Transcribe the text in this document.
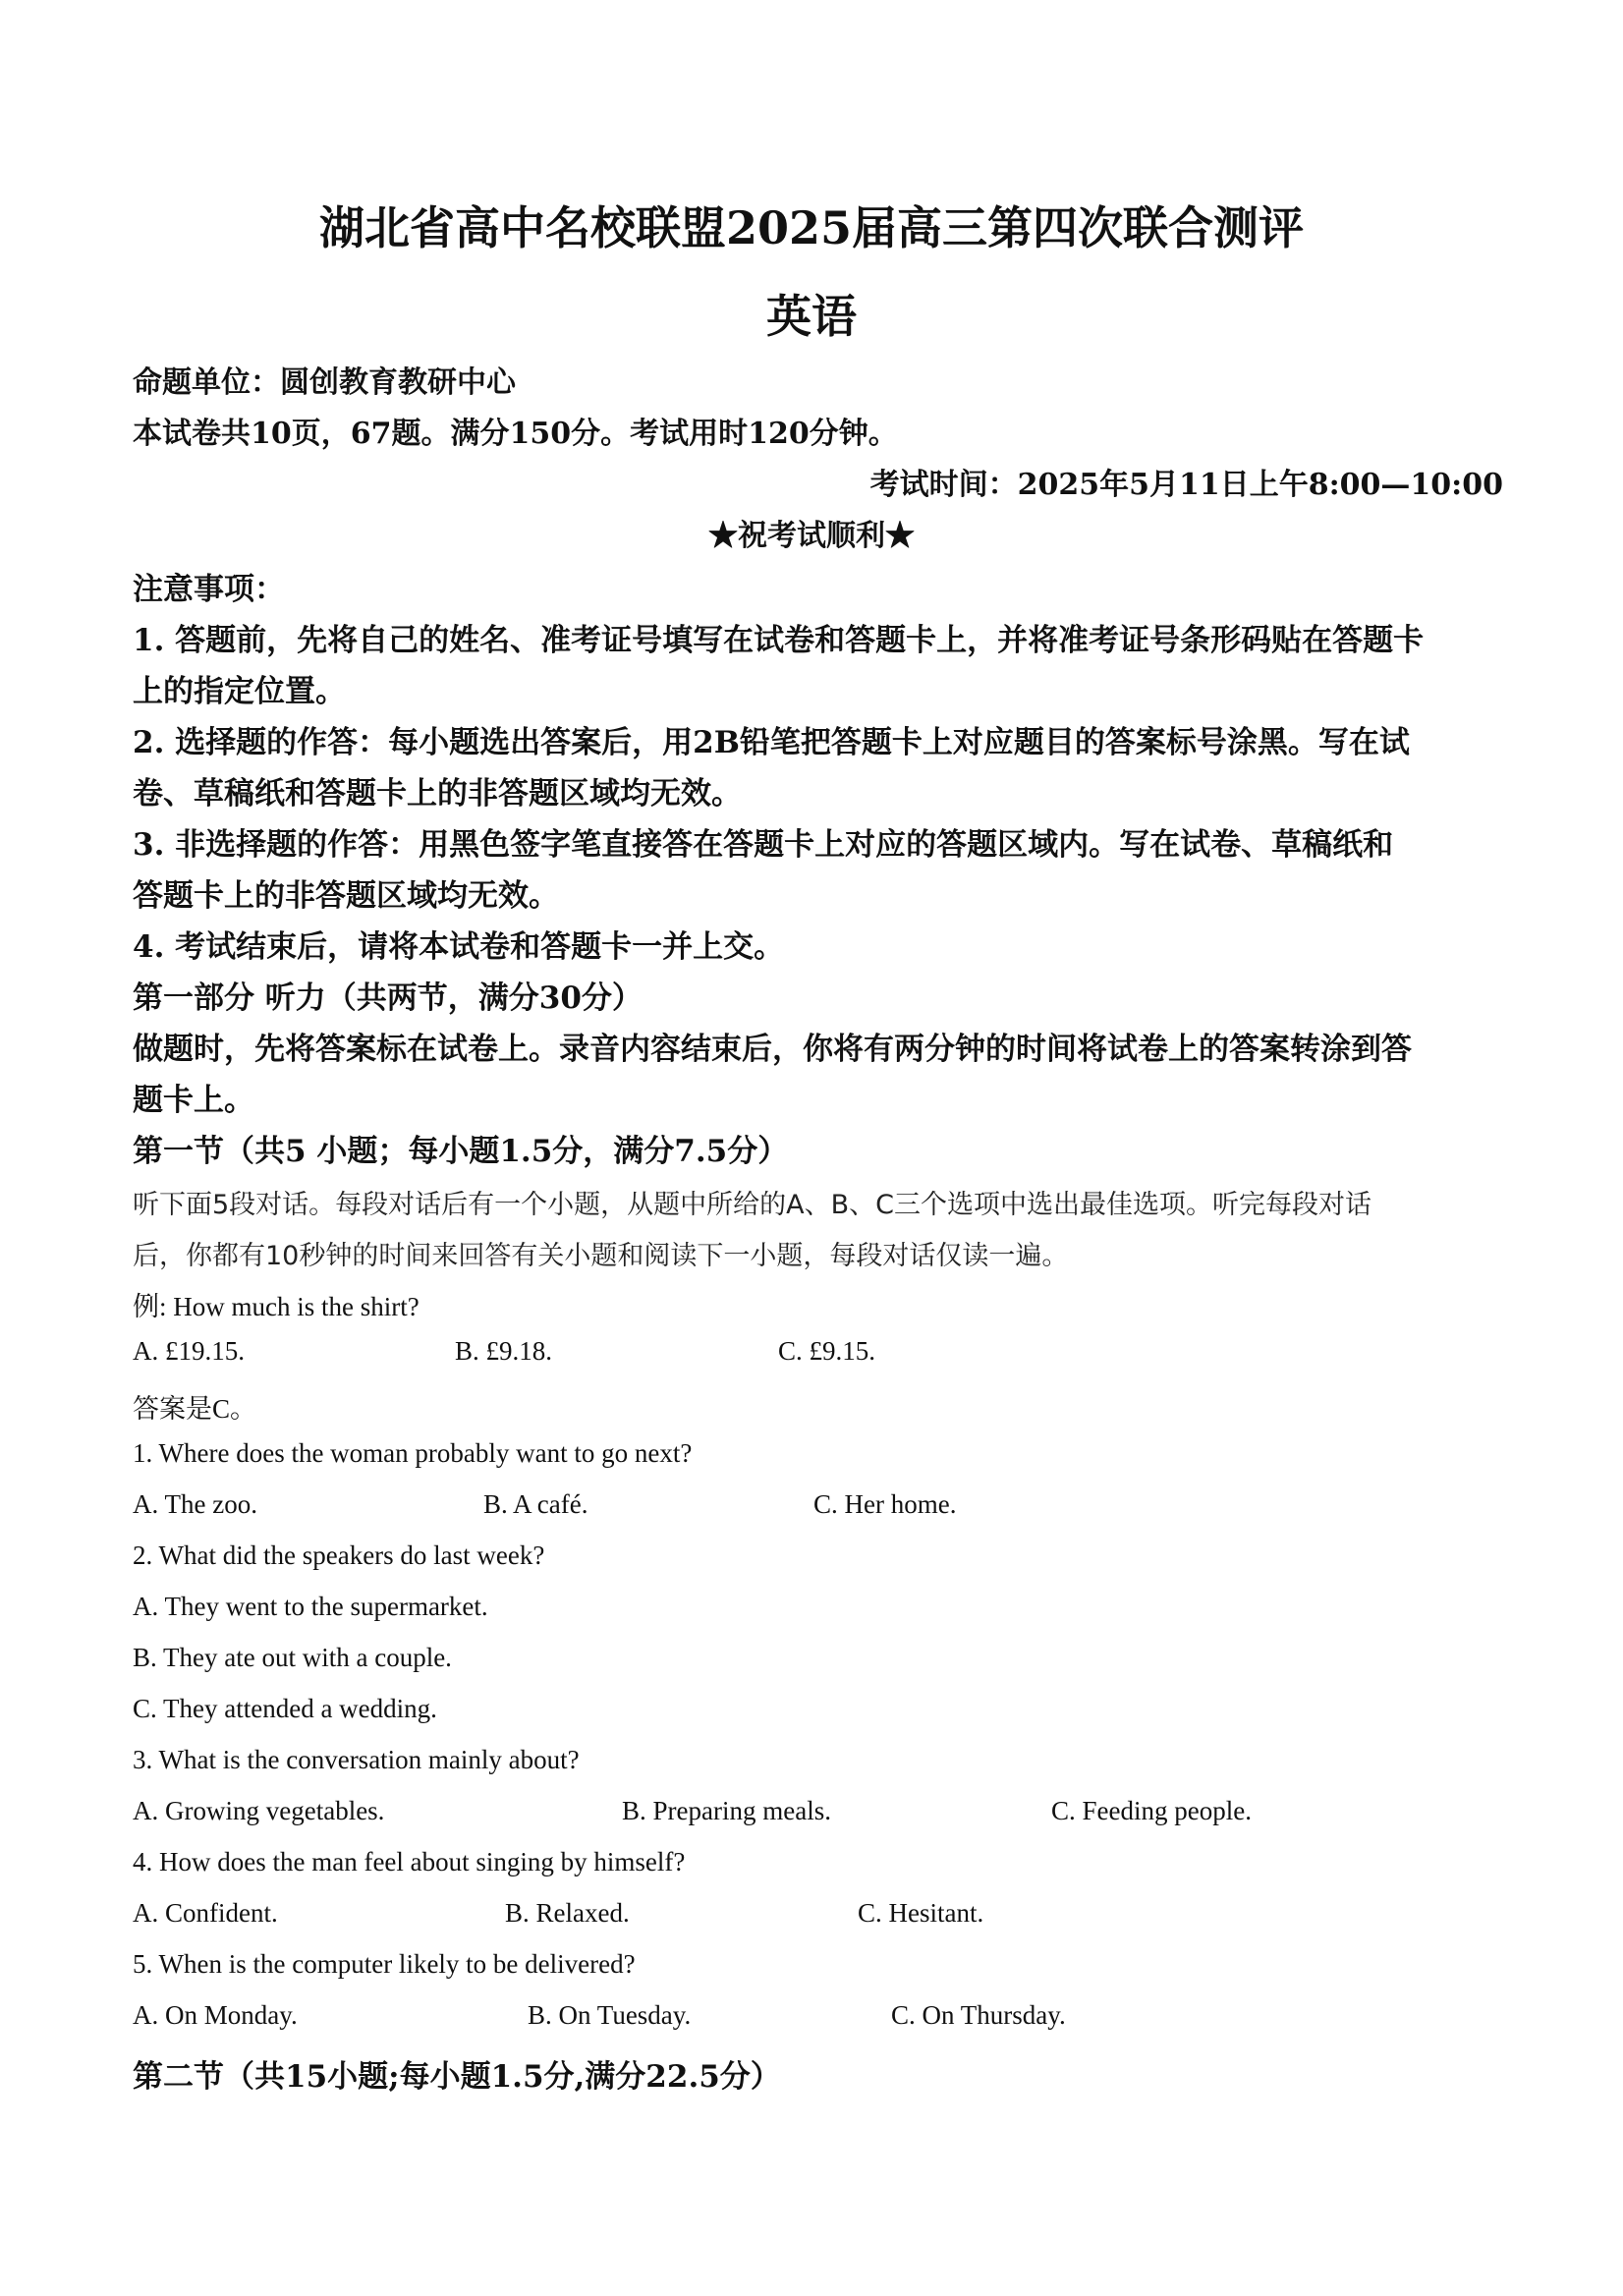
湖北省高中名校联盟2025届高三第四次联合测评
英语
命题单位：圆创教育教研中心
本试卷共10页，67题。满分150分。考试用时120分钟。
考试时间：2025年5月11日上午8:00—10:00
★祝考试顺利★
注意事项：
1. 答题前，先将自己的姓名、准考证号填写在试卷和答题卡上，并将准考证号条形码贴在答题卡
上的指定位置。
2. 选择题的作答：每小题选出答案后，用2B铅笔把答题卡上对应题目的答案标号涂黑。写在试
卷、草稿纸和答题卡上的非答题区域均无效。
3. 非选择题的作答：用黑色签字笔直接答在答题卡上对应的答题区域内。写在试卷、草稿纸和
答题卡上的非答题区域均无效。
4. 考试结束后，请将本试卷和答题卡一并上交。
第一部分 听力（共两节，满分30分）
做题时，先将答案标在试卷上。录音内容结束后，你将有两分钟的时间将试卷上的答案转涂到答
题卡上。
第一节（共5 小题；每小题1.5分，满分7.5分）
听下面5段对话。每段对话后有一个小题，从题中所给的A、B、C三个选项中选出最佳选项。听完每段对话
后，你都有10秒钟的时间来回答有关小题和阅读下一小题，每段对话仅读一遍。
例: How much is the shirt?
A. £19.15.	B. £9.18.	C. £9.15.
答案是C。
1. Where does the woman probably want to go next?
A. The zoo.	B. A café.	C. Her home.
2. What did the speakers do last week?
A. They went to the supermarket.
B. They ate out with a couple.
C. They attended a wedding.
3. What is the conversation mainly about?
A. Growing vegetables.	B. Preparing meals.	C. Feeding people.
4. How does the man feel about singing by himself?
A. Confident.	B. Relaxed.	C. Hesitant.
5. When is the computer likely to be delivered?
A. On Monday.	B. On Tuesday.	C. On Thursday.
第二节（共15小题;每小题1.5分,满分22.5分）
